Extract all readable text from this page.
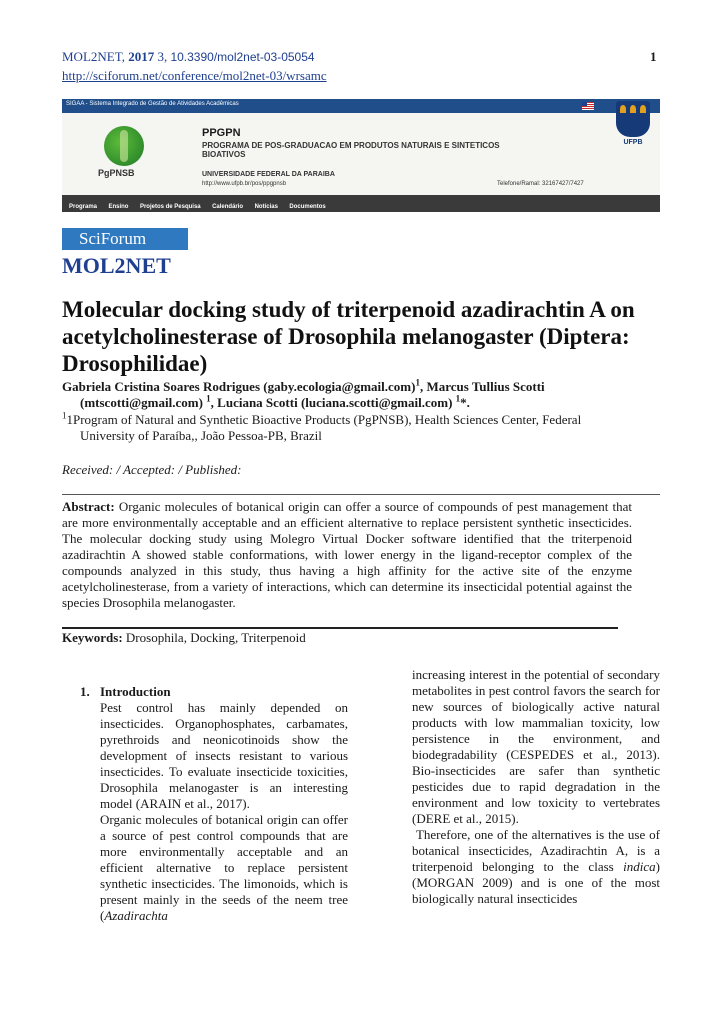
MOL2NET, 2017 3, 10.3390/mol2net-03-05054	1
http://sciforum.net/conference/mol2net-03/wrsamc
SIGAA - Sistema Integrado de Gestão de Atividades Acadêmicas
UFPB
PgPNSB
PPGPN
PROGRAMA DE POS-GRADUACAO EM PRODUTOS NATURAIS E SINTETICOS BIOATIVOS
UNIVERSIDADE FEDERAL DA PARAIBA
http://www.ufpb.br/pos/ppgpnsb	Telefone/Ramal: 32167427/7427
Programa Ensino Projetos de Pesquisa Calendário Notícias Documentos
SciForum
MOL2NET
Molecular docking study of triterpenoid azadirachtin A on acetylcholinesterase of Drosophila melanogaster (Diptera: Drosophilidae)
Gabriela Cristina Soares Rodrigues (gaby.ecologia@gmail.com)$^1$, Marcus Tullius Scotti
(mtscotti@gmail.com) $^1$, Luciana Scotti (luciana.scotti@gmail.com) $^1$*.
$^1$1Program of Natural and Synthetic Bioactive Products (PgPNSB), Health Sciences Center, Federal
University of Paraíba,, João Pessoa-PB, Brazil
Received: / Accepted: / Published:
Abstract: Organic molecules of botanical origin can offer a source of compounds of pest management that are more environmentally acceptable and an efficient alternative to replace persistent synthetic insecticides. The molecular docking study using Molegro Virtual Docker software identified that the triterpenoid azadirachtin A showed stable conformations, with lower energy in the ligand-receptor complex of the compounds analyzed in this study, thus having a high affinity for the active site of the enzyme acetylcholinesterase, from a variety of interactions, which can determine its insecticidal potential against the species Drosophila melanogaster.
Keywords: Drosophila, Docking, Triterpenoid
1. Introduction

Pest control has mainly depended on insecticides. Organophosphates, carbamates, pyrethroids and neonicotinoids show the development of insects resistant to various insecticides. To evaluate insecticide toxicities, Drosophila melanogaster is an interesting model (ARAIN et al., 2017).

Organic molecules of botanical origin can offer a source of pest control compounds that are more environmentally acceptable and an efficient alternative to replace persistent synthetic insecticides. The limonoids, which is present mainly in the seeds of the neem tree (Azadirachta

increasing interest in the potential of secondary metabolites in pest control favors the search for new sources of biologically active natural products with low mammalian toxicity, low persistence in the environment, and biodegradability (CESPEDES et al., 2013). Bio-insecticides are safer than synthetic pesticides due to rapid degradation in the environment and low toxicity to vertebrates (DERE et al., 2015).

Therefore, one of the alternatives is the use of botanical insecticides, Azadirachtin A, is a triterpenoid belonging to the class indica) (MORGAN 2009) and is one of the most biologically natural insecticides
